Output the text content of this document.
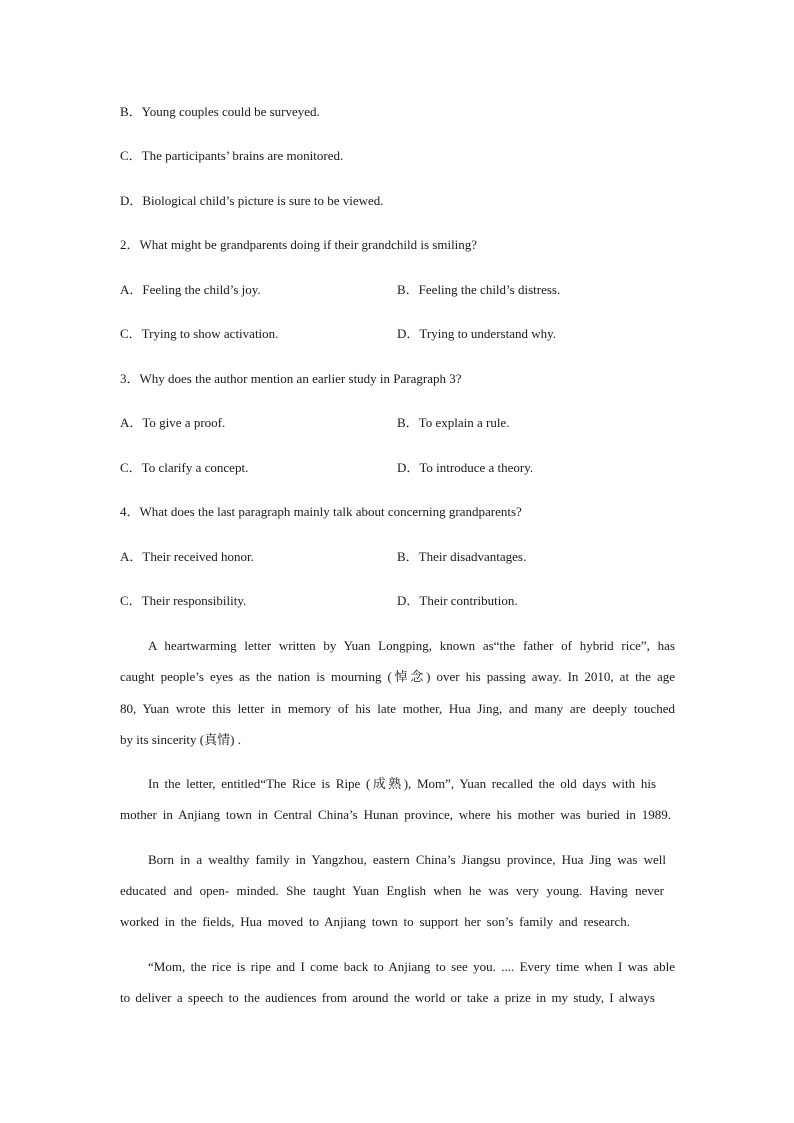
B．Young couples could be surveyed.
C．The participants’ brains are monitored.
D．Biological child’s picture is sure to be viewed.
2．What might be grandparents doing if their grandchild is smiling?
A．Feeling the child’s joy.	B．Feeling the child’s distress.
C．Trying to show activation.	D．Trying to understand why.
3．Why does the author mention an earlier study in Paragraph 3?
A．To give a proof.	B．To explain a rule.
C．To clarify a concept.	D．To introduce a theory.
4．What does the last paragraph mainly talk about concerning grandparents?
A．Their received honor.	B．Their disadvantages.
C．Their responsibility.	D．Their contribution.
A heartwarming letter written by Yuan Longping, known as“the father of hybrid rice”, has
caught people’s eyes as the nation is mourning (悼念) over his passing away. In 2010, at the age
80, Yuan wrote this letter in memory of his late mother, Hua Jing, and many are deeply touched
by its sincerity (真情) .
In the letter, entitled“The Rice is Ripe (成熟), Mom”, Yuan recalled the old days with his
mother in Anjiang town in Central China’s Hunan province, where his mother was buried in 1989.
Born in a wealthy family in Yangzhou, eastern China’s Jiangsu province, Hua Jing was well
educated and open- minded. She taught Yuan English when he was very young. Having never
worked in the fields, Hua moved to Anjiang town to support her son’s family and research.
“Mom, the rice is ripe and I come back to Anjiang to see you. .... Every time when I was able
to deliver a speech to the audiences from around the world or take a prize in my study, I always
